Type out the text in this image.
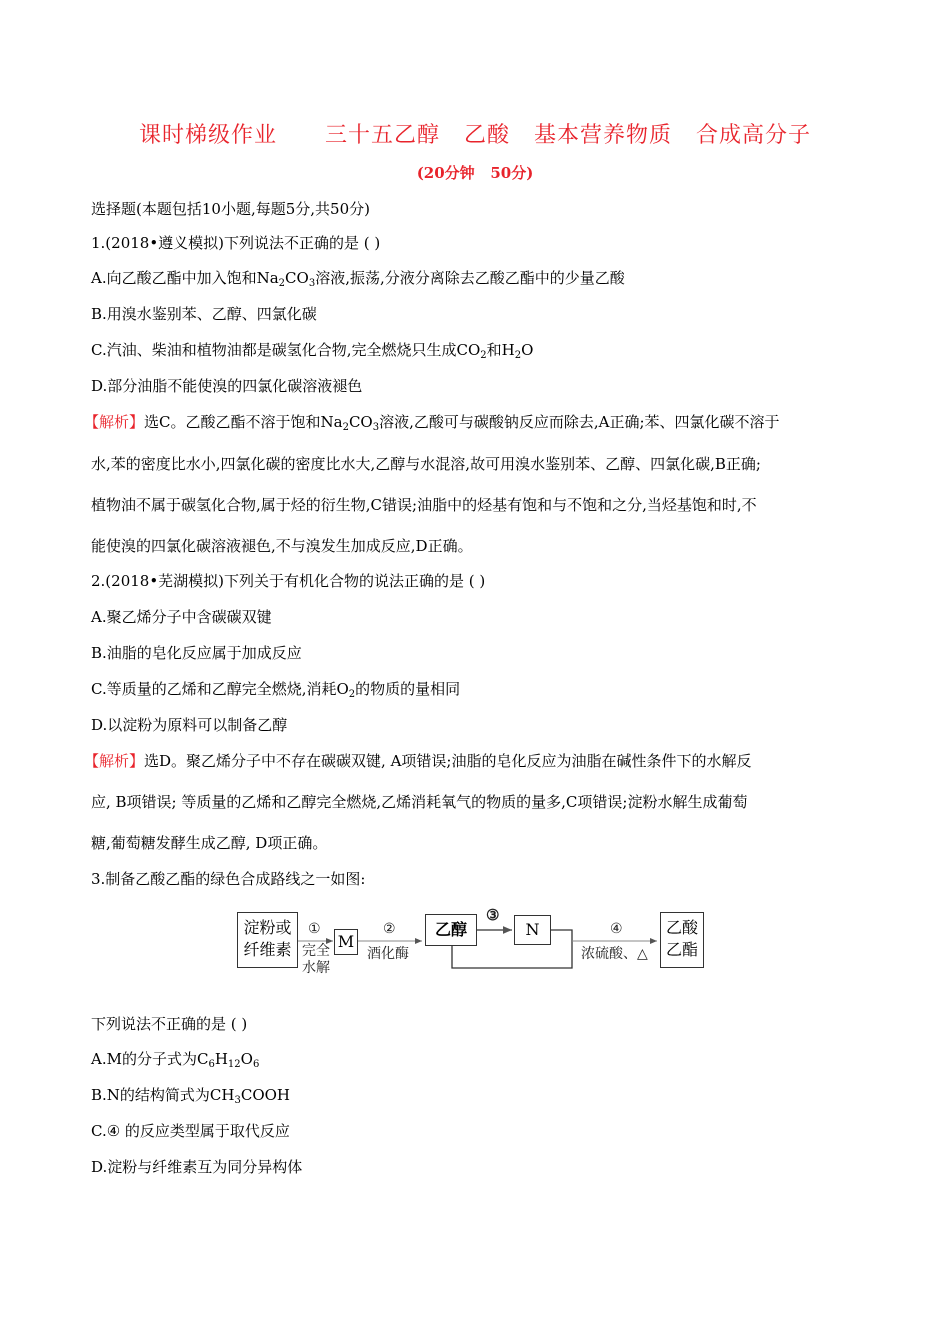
课时梯级作业      三十五乙醇   乙酸   基本营养物质   合成高分子
(20分钟   50分)
选择题(本题包括10小题,每题5分,共50分)
1.(2018•遵义模拟)下列说法不正确的是 ( )
A.向乙酸乙酯中加入饱和$Na_2CO_3$溶液,振荡,分液分离除去乙酸乙酯中的少量乙酸
B.用溴水鉴别苯、乙醇、四氯化碳
C.汽油、柴油和植物油都是碳氢化合物,完全燃烧只生成$CO_2$和$H_2O$
D.部分油脂不能使溴的四氯化碳溶液褪色
【解析】选C。乙酸乙酯不溶于饱和$Na_2CO_3$溶液,乙酸可与碳酸钠反应而除去,A正确;苯、四氯化碳不溶于
水,苯的密度比水小,四氯化碳的密度比水大,乙醇与水混溶,故可用溴水鉴别苯、乙醇、四氯化碳,B正确;
植物油不属于碳氢化合物,属于烃的衍生物,C错误;油脂中的烃基有饱和与不饱和之分,当烃基饱和时,不
能使溴的四氯化碳溶液褪色,不与溴发生加成反应,D正确。
2.(2018•芜湖模拟)下列关于有机化合物的说法正确的是 ( )
A.聚乙烯分子中含碳碳双键
B.油脂的皂化反应属于加成反应
C.等质量的乙烯和乙醇完全燃烧,消耗$O_2$的物质的量相同
D.以淀粉为原料可以制备乙醇
【解析】选D。聚乙烯分子中不存在碳碳双键, A项错误;油脂的皂化反应为油脂在碱性条件下的水解反
应, B项错误; 等质量的乙烯和乙醇完全燃烧,乙烯消耗氧气的物质的量多,C项错误;淀粉水解生成葡萄
糖,葡萄糖发酵生成乙醇, D项正确。
3.制备乙酸乙酯的绿色合成路线之一如图:
淀粉或
纤维素
①
完全
水解
M
②
酒化酶
乙醇
③
N	④
浓硫酸、△
乙酸
乙酯
下列说法不正确的是 ( )
A.M的分子式为$C_6H_{12}O_6$
B.N的结构简式为$CH_3COOH$
C.④ 的反应类型属于取代反应
D.淀粉与纤维素互为同分异构体
